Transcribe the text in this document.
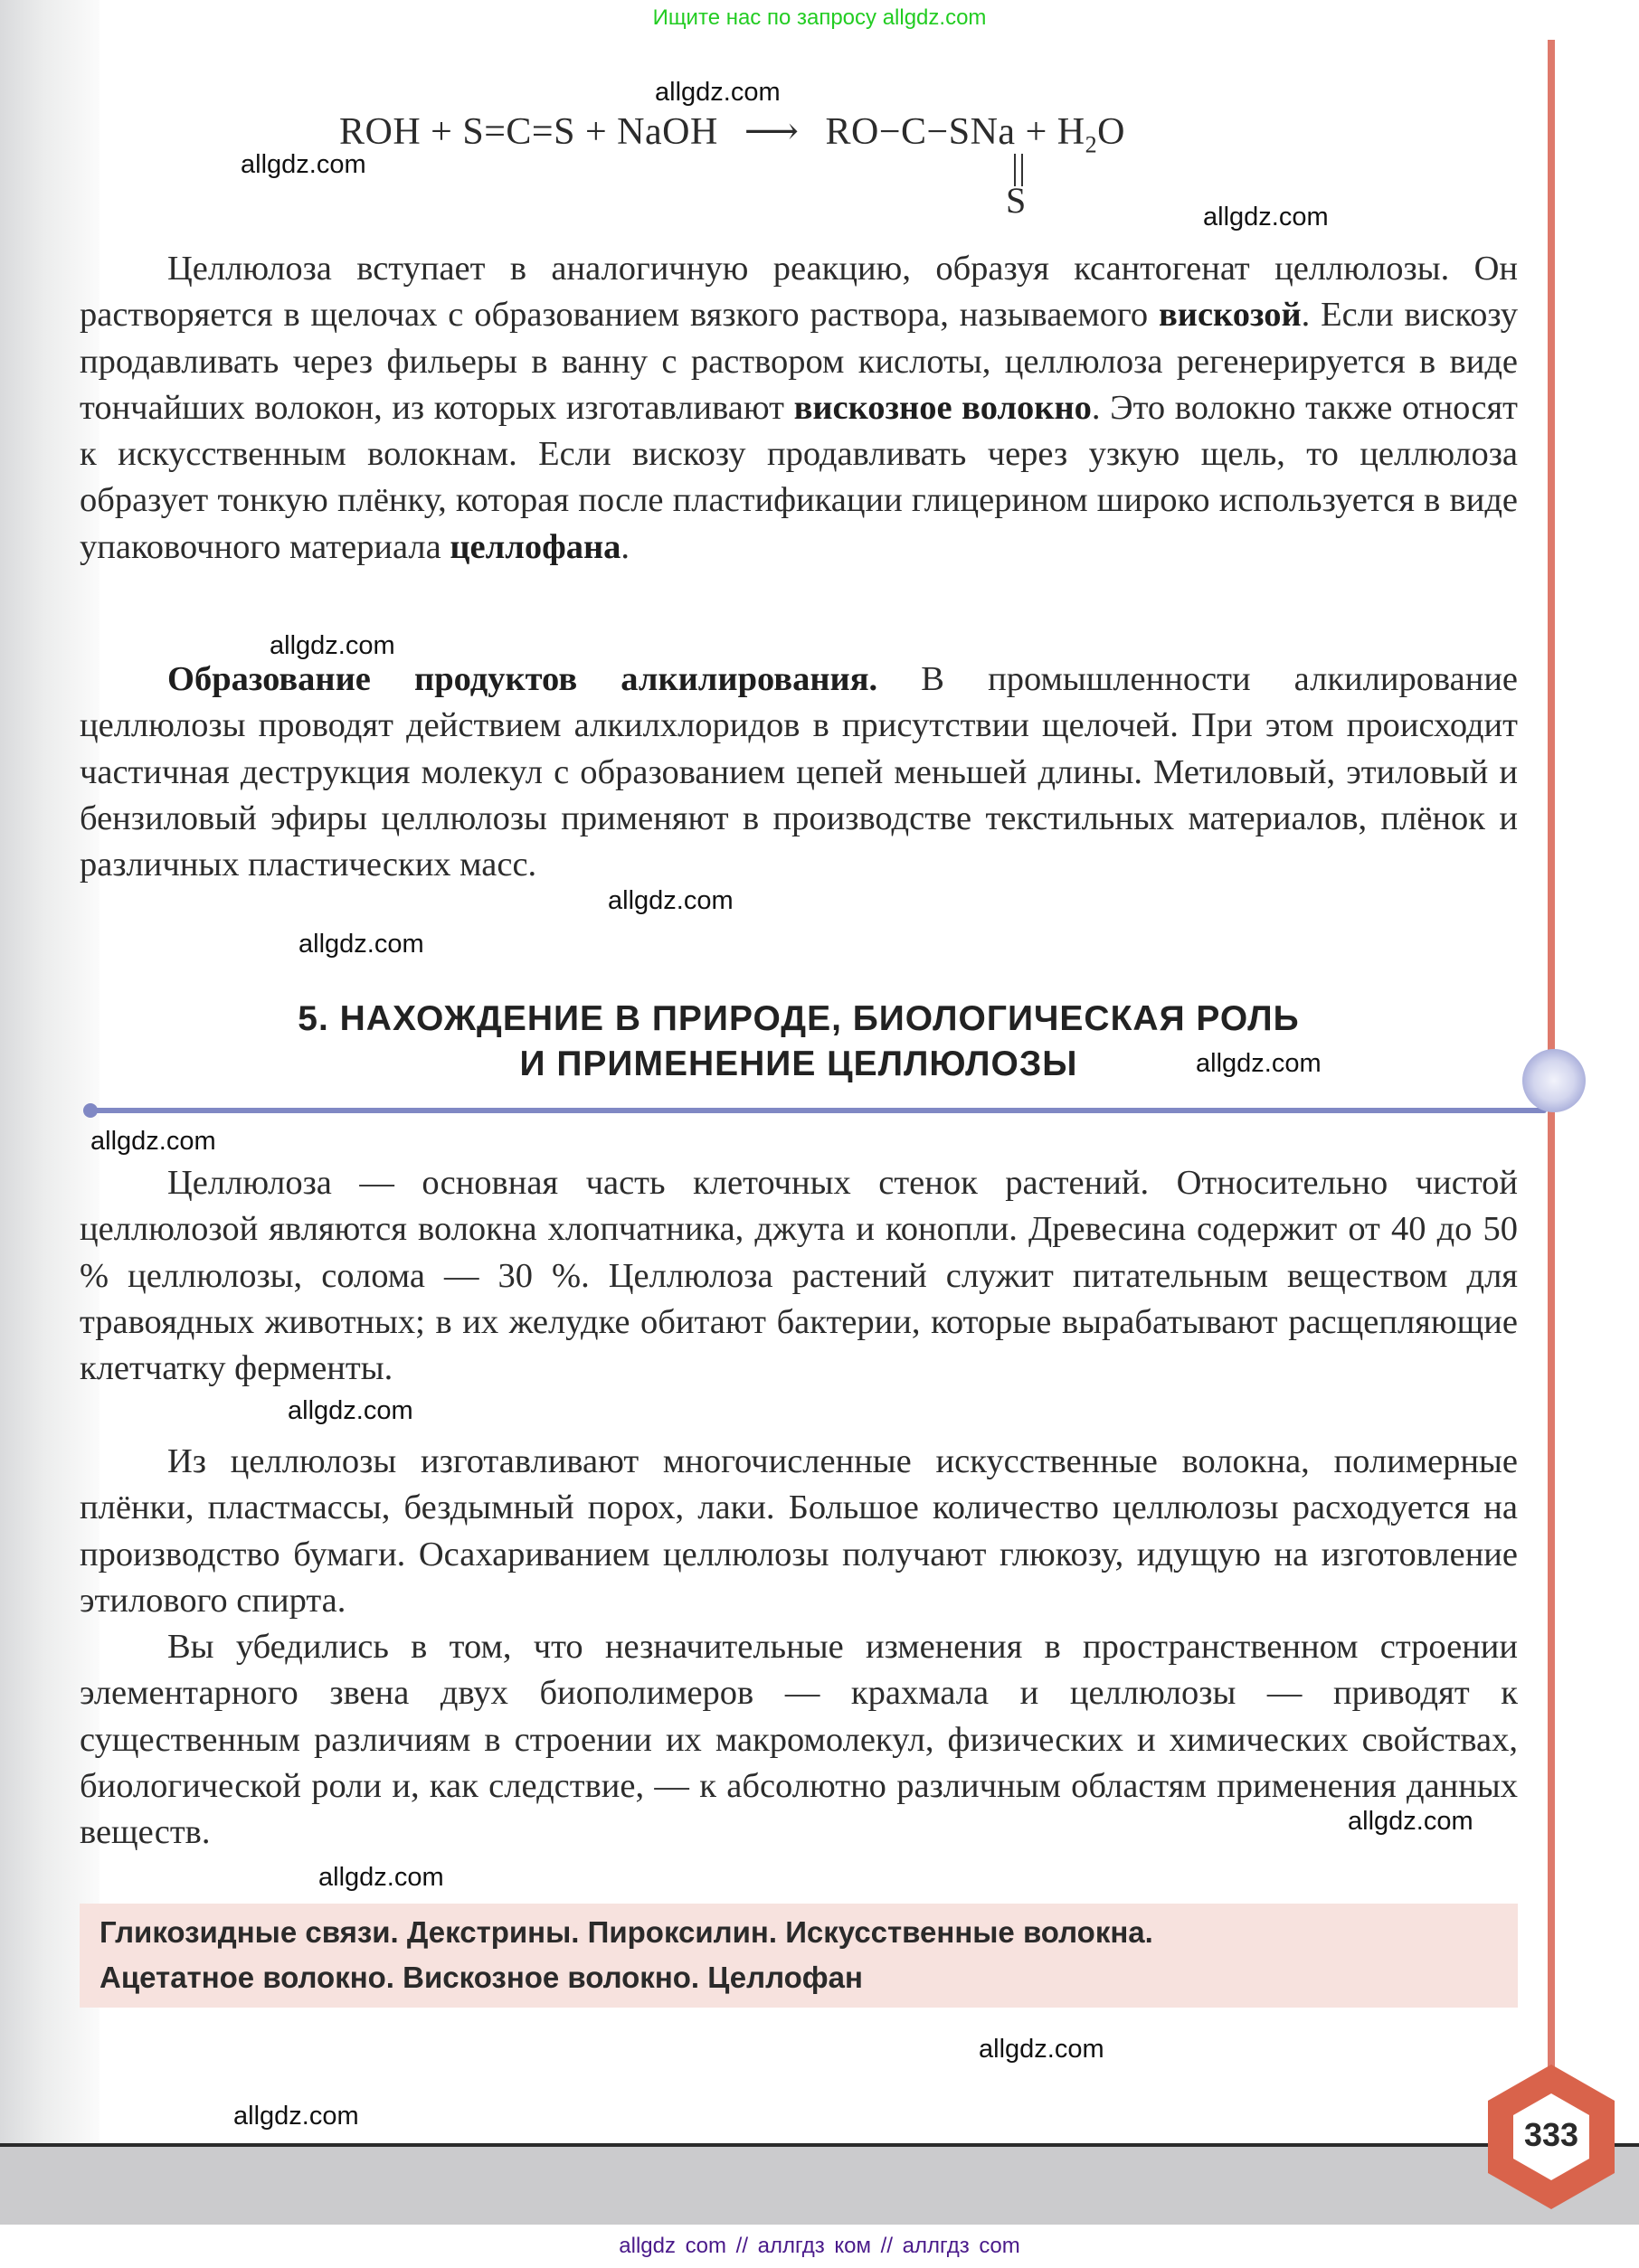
Ищите нас по запросу allgdz.com
ROH + S=C=S + NaOH ⟶ $RO-C-SNa + H_2O$
S

Целлюлоза вступает в аналогичную реакцию, образуя ксантогенат целлюлозы. Он растворяется в щелочах с образованием вязкого раствора, называемого вискозой. Если вискозу продавливать через фильеры в ванну с раствором кислоты, целлюлоза регенерируется в виде тончайших волокон, из которых изготавливают вискозное волокно. Это волокно также относят к искусственным волокнам. Если вискозу продавливать через узкую щель, то целлюлоза образует тонкую плёнку, которая после пластификации глицерином широко используется в виде упаковочного материала целлофана.

Образование продуктов алкилирования. В промышленности алкилирование целлюлозы проводят действием алкилхлоридов в присутствии щелочей. При этом происходит частичная деструкция молекул с образованием цепей меньшей длины. Метиловый, этиловый и бензиловый эфиры целлюлозы применяют в производстве текстильных материалов, плёнок и различных пластических масс.

5. НАХОЖДЕНИЕ В ПРИРОДЕ, БИОЛОГИЧЕСКАЯ РОЛЬ
И ПРИМЕНЕНИЕ ЦЕЛЛЮЛОЗЫ

Целлюлоза — основная часть клеточных стенок растений. Относительно чистой целлюлозой являются волокна хлопчатника, джута и конопли. Древесина содержит от 40 до 50 % целлюлозы, солома — 30 %. Целлюлоза растений служит питательным веществом для травоядных животных; в их желудке обитают бактерии, которые вырабатывают расщепляющие клетчатку ферменты.

Из целлюлозы изготавливают многочисленные искусственные волокна, полимерные плёнки, пластмассы, бездымный порох, лаки. Большое количество целлюлозы расходуется на производство бумаги. Осахариванием целлюлозы получают глюкозу, идущую на изготовление этилового спирта.

Вы убедились в том, что незначительные изменения в пространственном строении элементарного звена двух биополимеров — крахмала и целлюлозы — приводят к существенным различиям в строении их макромолекул, физических и химических свойствах, биологической роли и, как следствие, — к абсолютно различным областям применения данных веществ.

Гликозидные связи. Декстрины. Пироксилин. Искусственные волокна.
Ацетатное волокно. Вискозное волокно. Целлофан
allgdz.com
allgdz.com
allgdz.com
allgdz.com
allgdz.com
allgdz.com
allgdz.com
allgdz.com
allgdz.com
allgdz.com
allgdz.com
allgdz.com
allgdz.com	333
allgdz com // аллгдз ком // аллгдз com
